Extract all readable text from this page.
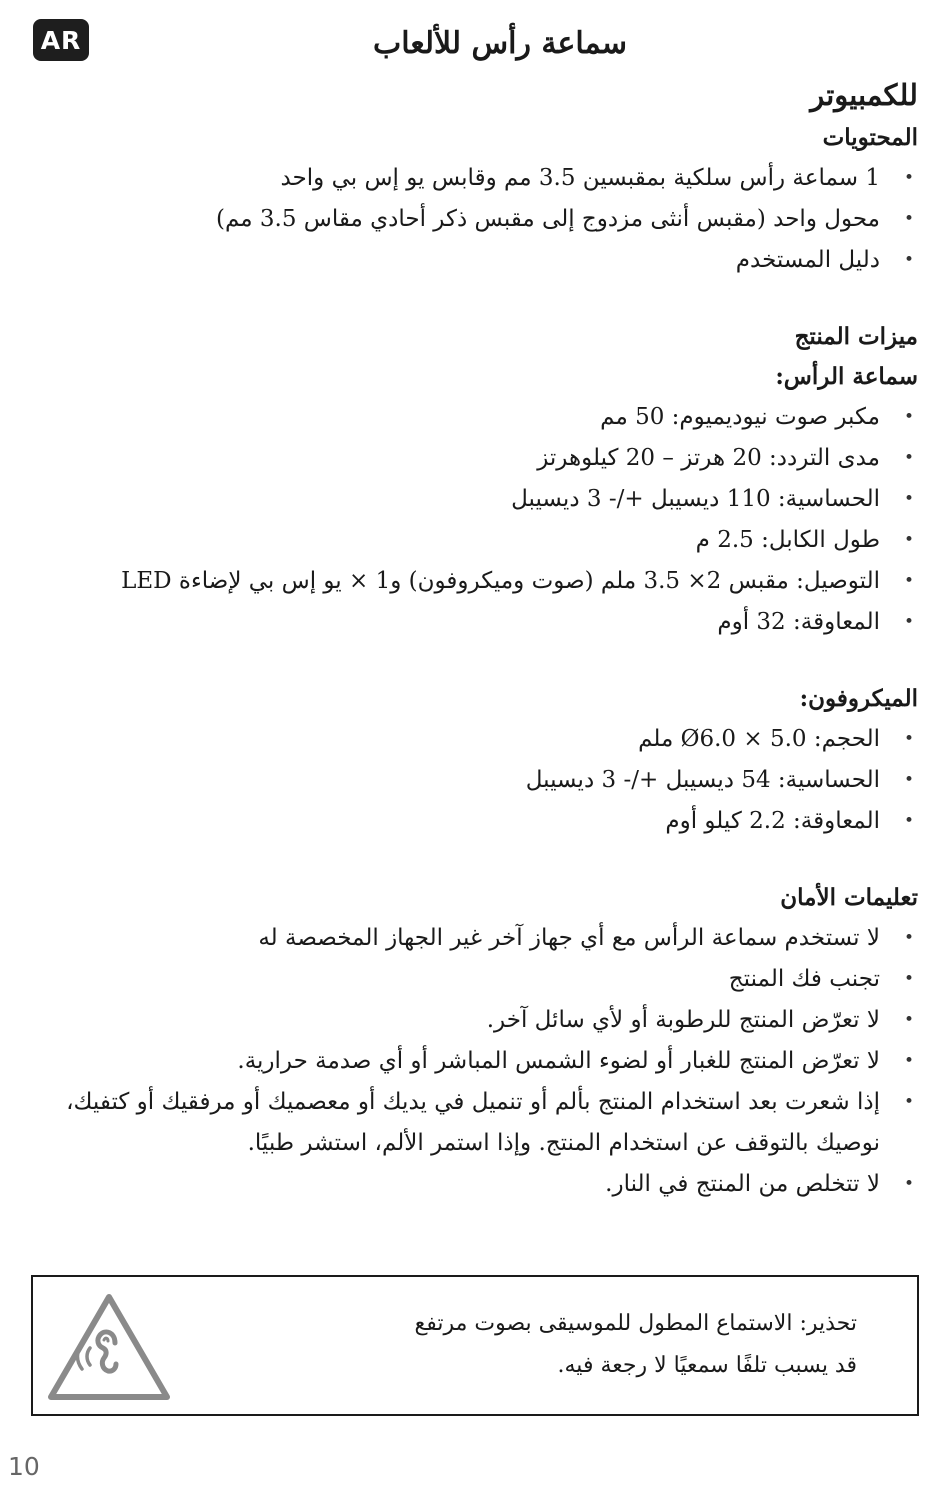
AR	سماعة رأس للألعاب
للكمبيوتر
المحتويات
• 1 سماعة رأس سلكية بمقبسين 3.5 مم وقابس يو إس بي واحد
• محول واحد (مقبس أنثى مزدوج إلى مقبس ذكر أحادي مقاس 3.5 مم)
• دليل المستخدم
ميزات المنتج
سماعة الرأس:
• مكبر صوت نيوديميوم: 50 مم
• مدى التردد: 20 هرتز – 20 كيلوهرتز
• الحساسية: 110 ديسيبل +/- 3 ديسيبل
• طول الكابل: 2.5 م
• التوصيل: مقبس 2× 3.5 ملم (صوت وميكروفون) و1 × يو إس بي لإضاءة LED
• المعاوقة: 32 أوم
الميكروفون:
• الحجم: Ø6.0 × 5.0 ملم
• الحساسية: 54 ديسيبل +/- 3 ديسيبل
• المعاوقة: 2.2 كيلو أوم
تعليمات الأمان
• لا تستخدم سماعة الرأس مع أي جهاز آخر غير الجهاز المخصصة له
• تجنب فك المنتج
• لا تعرّض المنتج للرطوبة أو لأي سائل آخر.
• لا تعرّض المنتج للغبار أو لضوء الشمس المباشر أو أي صدمة حرارية.
• إذا شعرت بعد استخدام المنتج بألم أو تنميل في يديك أو معصميك أو مرفقيك أو كتفيك، نوصيك بالتوقف عن استخدام المنتج. وإذا استمر الألم، استشر طبيًا.
• لا تتخلص من المنتج في النار.
تحذير: الاستماع المطول للموسيقى بصوت مرتفع قد يسبب تلفًا سمعيًا لا رجعة فيه.
10
